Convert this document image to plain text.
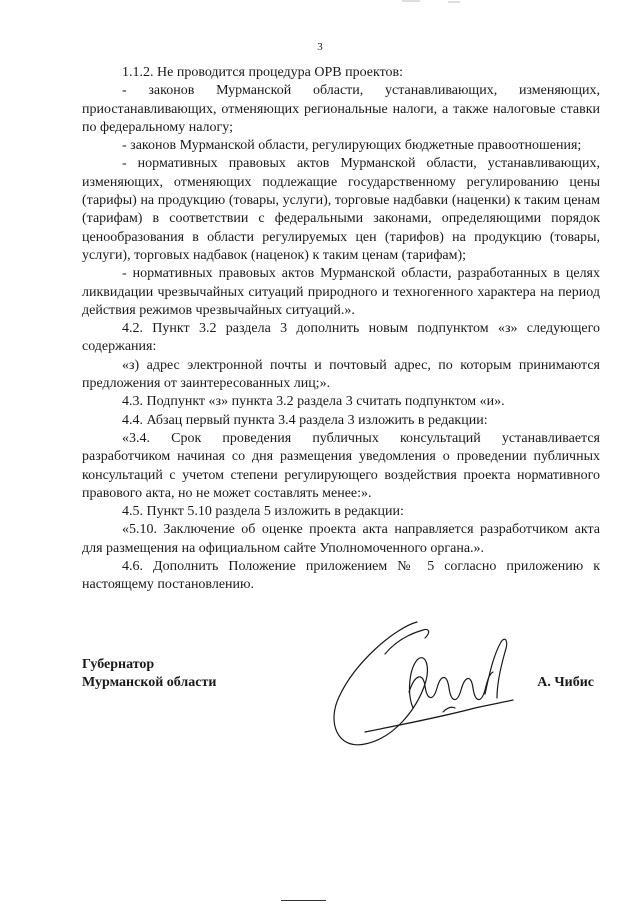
3

1.1.2. Не проводится процедура ОРВ проектов:

- законов Мурманской области, устанавливающих, изменяющих, приостанавливающих, отменяющих региональные налоги, а также налоговые ставки по федеральному налогу;

- законов Мурманской области, регулирующих бюджетные правоотношения;

- нормативных правовых актов Мурманской области, устанавливающих, изменяющих, отменяющих подлежащие государственному регулированию цены (тарифы) на продукцию (товары, услуги), торговые надбавки (наценки) к таким ценам (тарифам) в соответствии с федеральными законами, определяющими порядок ценообразования в области регулируемых цен (тарифов) на продукцию (товары, услуги), торговых надбавок (наценок) к таким ценам (тарифам);

- нормативных правовых актов Мурманской области, разработанных в целях ликвидации чрезвычайных ситуаций природного и техногенного характера на период действия режимов чрезвычайных ситуаций.».

4.2. Пункт 3.2 раздела 3 дополнить новым подпунктом «з» следующего содержания:

«з) адрес электронной почты и почтовый адрес, по которым принимаются предложения от заинтересованных лиц;».

4.3. Подпункт «з» пункта 3.2 раздела 3 считать подпунктом «и».

4.4. Абзац первый пункта 3.4 раздела 3 изложить в редакции:

«3.4. Срок проведения публичных консультаций устанавливается разработчиком начиная со дня размещения уведомления о проведении публичных консультаций с учетом степени регулирующего воздействия проекта нормативного правового акта, но не может составлять менее:».

4.5. Пункт 5.10 раздела 5 изложить в редакции:

«5.10. Заключение об оценке проекта акта направляется разработчиком акта для размещения на официальном сайте Уполномоченного органа.».

4.6. Дополнить Положение приложением № 5 согласно приложению к настоящему постановлению.

Губернатор
Мурманской области	А. Чибис
